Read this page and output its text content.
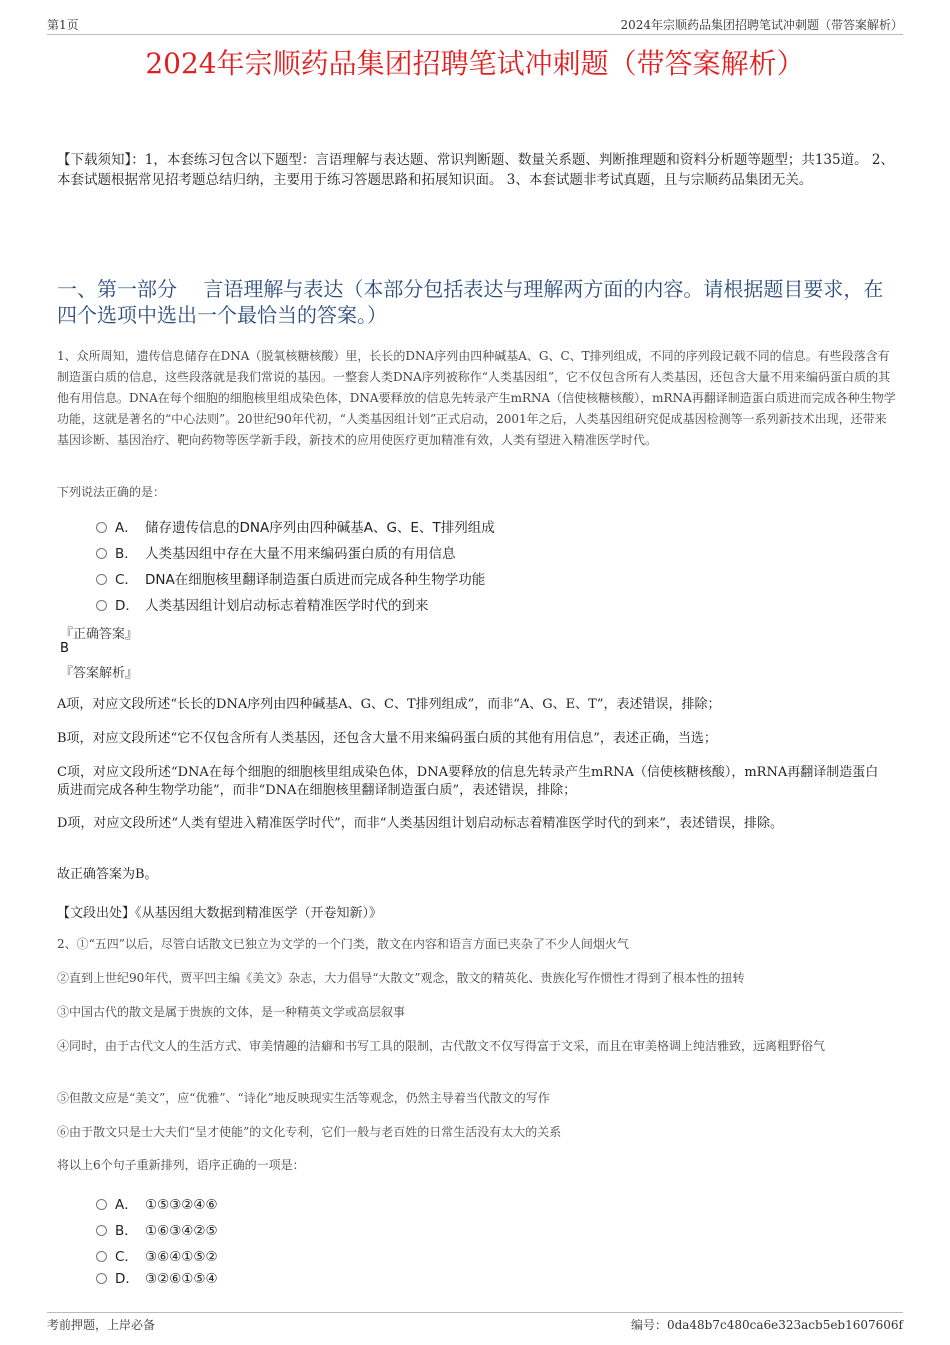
第1页	2024年宗顺药品集团招聘笔试冲刺题（带答案解析）
2024年宗顺药品集团招聘笔试冲刺题（带答案解析）
【下载须知】：1，本套练习包含以下题型：言语理解与表达题、常识判断题、数量关系题、判断推理题和资料分析题等题型；共135道。 2、本套试题根据常见招考题总结归纳，主要用于练习答题思路和拓展知识面。 3、本套试题非考试真题，且与宗顺药品集团无关。
一、第一部分　 言语理解与表达（本部分包括表达与理解两方面的内容。请根据题目要求，在四个选项中选出一个最恰当的答案。）
1、众所周知，遗传信息储存在DNA（脱氧核糖核酸）里，长长的DNA序列由四种碱基A、G、C、T排列组成，不同的序列段记载不同的信息。有些段落含有制造蛋白质的信息，这些段落就是我们常说的基因。一整套人类DNA序列被称作“人类基因组”，它不仅包含所有人类基因，还包含大量不用来编码蛋白质的其他有用信息。DNA在每个细胞的细胞核里组成染色体，DNA要释放的信息先转录产生mRNA（信使核糖核酸），mRNA再翻译制造蛋白质进而完成各种生物学功能，这就是著名的“中心法则”。20世纪90年代初，“人类基因组计划”正式启动，2001年之后，人类基因组研究促成基因检测等一系列新技术出现，还带来基因诊断、基因治疗、靶向药物等医学新手段，新技术的应用使医疗更加精准有效，人类有望进入精准医学时代。
下列说法正确的是：
A． 储存遗传信息的DNA序列由四种碱基A、G、E、T排列组成
B． 人类基因组中存在大量不用来编码蛋白质的有用信息
C． DNA在细胞核里翻译制造蛋白质进而完成各种生物学功能
D． 人类基因组计划启动标志着精准医学时代的到来
『正确答案』
B
『答案解析』
A项，对应文段所述“长长的DNA序列由四种碱基A、G、C、T排列组成”，而非“A、G、E、T”，表述错误，排除；
B项，对应文段所述“它不仅包含所有人类基因，还包含大量不用来编码蛋白质的其他有用信息”，表述正确，当选；
C项，对应文段所述“DNA在每个细胞的细胞核里组成染色体，DNA要释放的信息先转录产生mRNA（信使核糖核酸），mRNA再翻译制造蛋白质进而完成各种生物学功能”，而非“DNA在细胞核里翻译制造蛋白质”，表述错误，排除；
D项，对应文段所述“人类有望进入精准医学时代”，而非“人类基因组计划启动标志着精准医学时代的到来”，表述错误，排除。
故正确答案为B。
【文段出处】《从基因组大数据到精准医学（开卷知新）》
2、①“五四”以后，尽管白话散文已独立为文学的一个门类，散文在内容和语言方面已夹杂了不少人间烟火气
②直到上世纪90年代，贾平凹主编《美文》杂志，大力倡导“大散文”观念，散文的精英化、贵族化写作惯性才得到了根本性的扭转
③中国古代的散文是属于贵族的文体，是一种精英文学或高层叙事
④同时，由于古代文人的生活方式、审美情趣的洁癖和书写工具的限制，古代散文不仅写得富于文采，而且在审美格调上纯洁雅致，远离粗野俗气
⑤但散文应是“美文”，应“优雅”、“诗化”地反映现实生活等观念，仍然主导着当代散文的写作
⑥由于散文只是士大夫们“呈才使能”的文化专利，它们一般与老百姓的日常生活没有太大的关系
将以上6个句子重新排列，语序正确的一项是：
A． ①⑤③②④⑥
B． ①⑥③④②⑤
C． ③⑥④①⑤②
D． ③②⑥①⑤④
考前押题，上岸必备	编号：0da48b7c480ca6e323acb5eb1607606f
